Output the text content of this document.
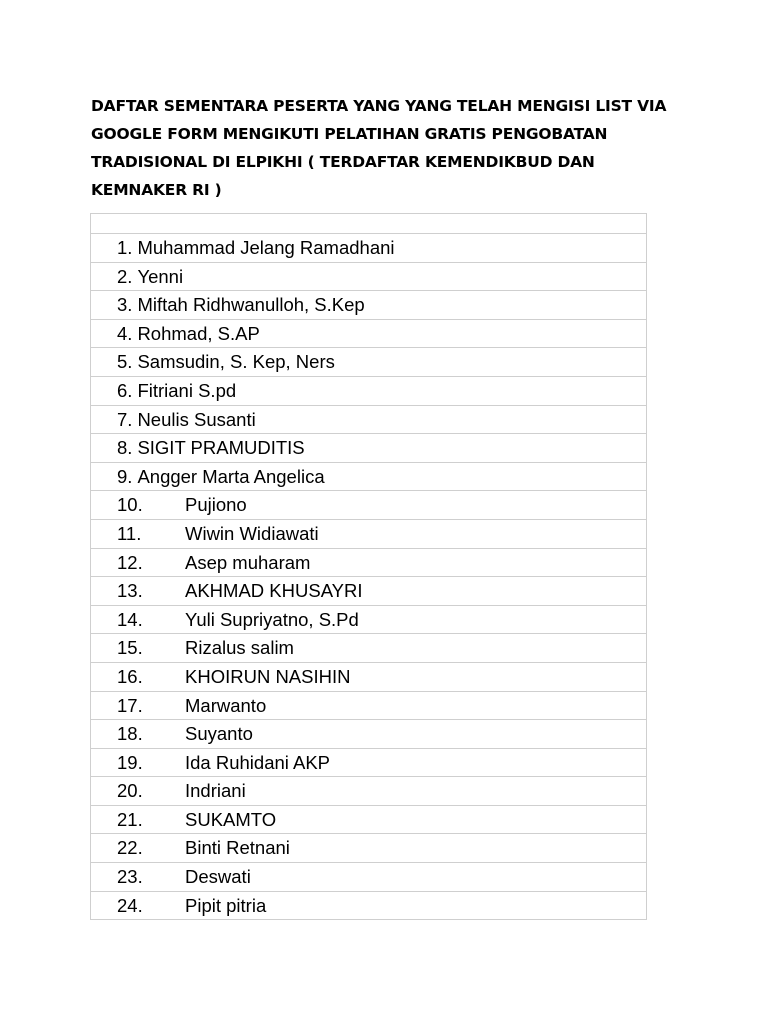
DAFTAR SEMENTARA PESERTA YANG YANG TELAH MENGISI LIST VIA
GOOGLE FORM MENGIKUTI PELATIHAN GRATIS PENGOBATAN
TRADISIONAL DI ELPIKHI ( TERDAFTAR KEMENDIKBUD DAN
KEMNAKER RI )

1. Muhammad Jelang Ramadhani

2. Yenni

3. Miftah Ridhwanulloh, S.Kep

4. Rohmad, S.AP

5. Samsudin, S. Kep, Ners

6. Fitriani S.pd

7. Neulis Susanti

8. SIGIT PRAMUDITIS

9. Angger Marta Angelica

10.	Pujiono

11.	Wiwin Widiawati

12.	Asep muharam

13.	AKHMAD KHUSAYRI

14.	Yuli Supriyatno, S.Pd

15.	Rizalus salim

16.	KHOIRUN NASIHIN

17.	Marwanto

18.	Suyanto

19.	Ida Ruhidani AKP

20.	Indriani

21.	SUKAMTO

22.	Binti Retnani

23.	Deswati

24.	Pipit pitria
